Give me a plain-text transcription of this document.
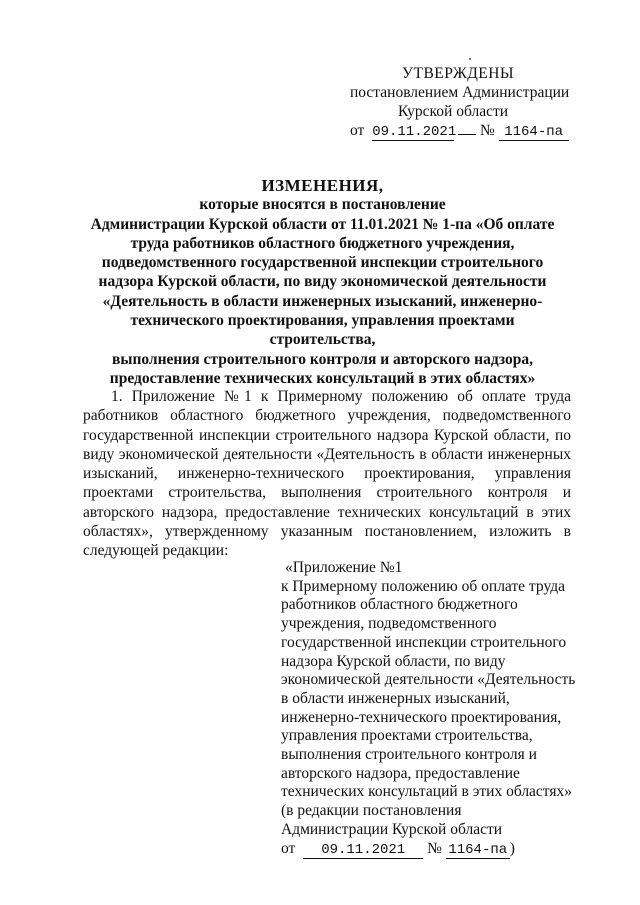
УТВЕРЖДЕНЫ
постановлением Администрации
Курской области
от 09.11.2021 № 1164-па
ИЗМЕНЕНИЯ,
которые вносятся в постановление
Администрации Курской области от 11.01.2021 № 1-па «Об оплате
труда работников областного бюджетного учреждения,
подведомственного государственной инспекции строительного
надзора Курской области, по виду экономической деятельности
«Деятельность в области инженерных изысканий, инженерно-
технического проектирования, управления проектами строительства,
выполнения строительного контроля и авторского надзора,
предоставление технических консультаций в этих областях»
1. Приложение №1 к Примерному положению об оплате труда работников областного бюджетного учреждения, подведомственного государственной инспекции строительного надзора Курской области, по виду экономической деятельности «Деятельность в области инженерных изысканий, инженерно-технического проектирования, управления проектами строительства, выполнения строительного контроля и авторского надзора, предоставление технических консультаций в этих областях», утвержденному указанным постановлением, изложить в следующей редакции:
«Приложение №1
к Примерному положению об оплате труда
работников областного бюджетного
учреждения, подведомственного
государственной инспекции строительного
надзора Курской области, по виду
экономической деятельности «Деятельность
в области инженерных изысканий,
инженерно-технического проектирования,
управления проектами строительства,
выполнения строительного контроля и
авторского надзора, предоставление
технических консультаций в этих областях»
(в редакции постановления
Администрации Курской области
от 09.11.2021 № 1164-па )
